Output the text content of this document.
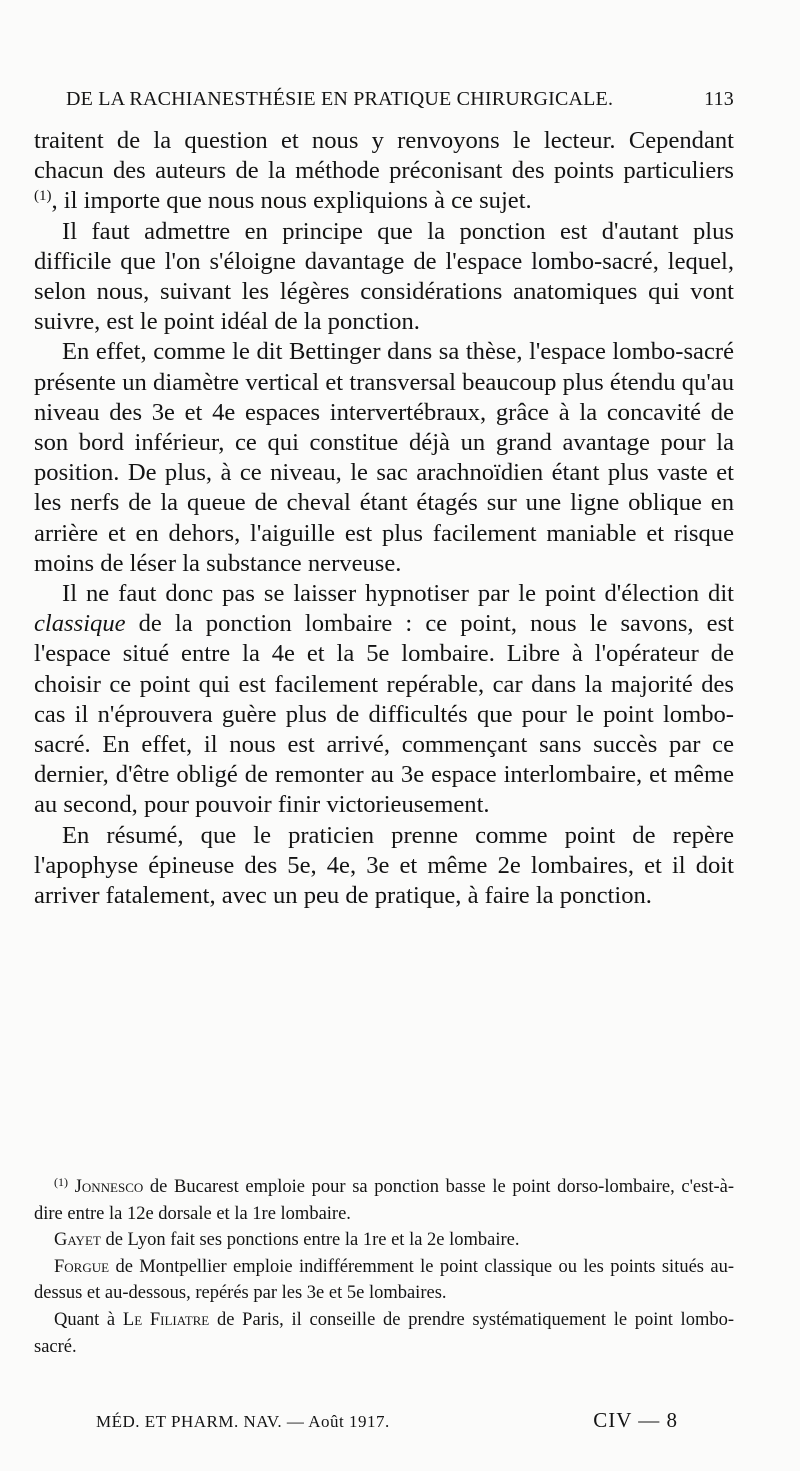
DE LA RACHIANESTHÉSIE EN PRATIQUE CHIRURGICALE.	113

traitent de la question et nous y renvoyons le lecteur. Cependant chacun des auteurs de la méthode préconisant des points particuliers $^{(1)}$, il importe que nous nous expliquions à ce sujet.

Il faut admettre en principe que la ponction est d'autant plus difficile que l'on s'éloigne davantage de l'espace lombo-sacré, lequel, selon nous, suivant les légères considérations anatomiques qui vont suivre, est le point idéal de la ponction.

En effet, comme le dit Bettinger dans sa thèse, l'espace lombo-sacré présente un diamètre vertical et transversal beaucoup plus étendu qu'au niveau des 3e et 4e espaces intervertébraux, grâce à la concavité de son bord inférieur, ce qui constitue déjà un grand avantage pour la position. De plus, à ce niveau, le sac arachnoïdien étant plus vaste et les nerfs de la queue de cheval étant étagés sur une ligne oblique en arrière et en dehors, l'aiguille est plus facilement maniable et risque moins de léser la substance nerveuse.

Il ne faut donc pas se laisser hypnotiser par le point d'élection dit classique de la ponction lombaire : ce point, nous le savons, est l'espace situé entre la 4e et la 5e lombaire. Libre à l'opérateur de choisir ce point qui est facilement repérable, car dans la majorité des cas il n'éprouvera guère plus de difficultés que pour le point lombo-sacré. En effet, il nous est arrivé, commençant sans succès par ce dernier, d'être obligé de remonter au 3e espace interlombaire, et même au second, pour pouvoir finir victorieusement.

En résumé, que le praticien prenne comme point de repère l'apophyse épineuse des 5e, 4e, 3e et même 2e lombaires, et il doit arriver fatalement, avec un peu de pratique, à faire la ponction.

$^{(1)}$ Jonnesco de Bucarest emploie pour sa ponction basse le point dorso-lombaire, c'est-à-dire entre la 12e dorsale et la 1re lombaire.

Gayet de Lyon fait ses ponctions entre la 1re et la 2e lombaire.

Forgue de Montpellier emploie indifféremment le point classique ou les points situés au-dessus et au-dessous, repérés par les 3e et 5e lombaires.

Quant à Le Filiatre de Paris, il conseille de prendre systématiquement le point lombo-sacré.

MÉD. ET PHARM. NAV. — Août 1917.	CIV — 8
